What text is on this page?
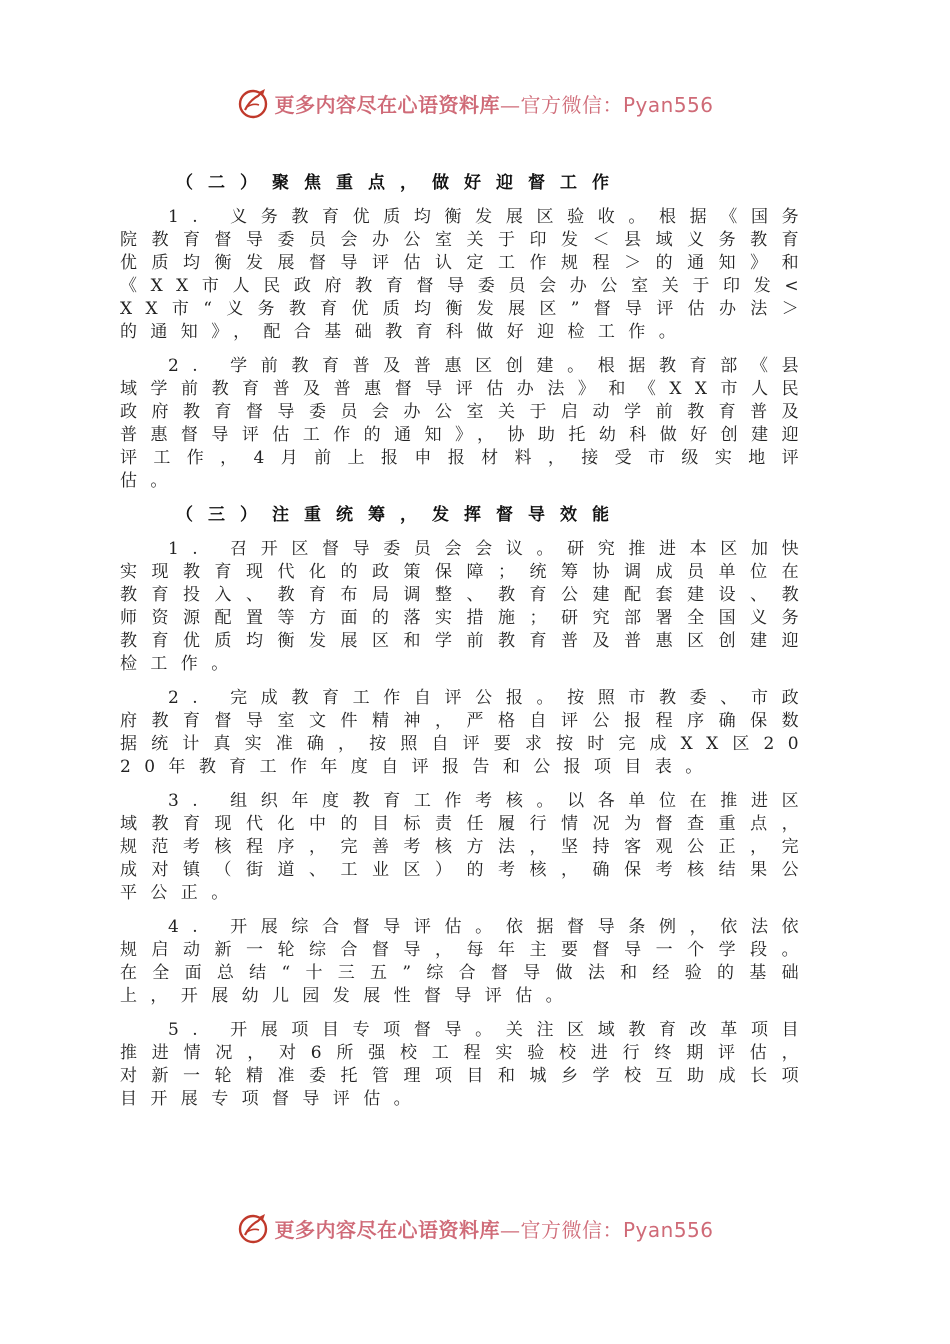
更多内容尽在心语资料库—官方微信：Pyan556
（二）聚焦重点，做好迎督工作

1. 义务教育优质均衡发展区验收。根据《国务院教育督导委员会办公室关于印发＜县域义务教育优质均衡发展督导评估认定工作规程＞的通知》和《XX市人民政府教育督导委员会办公室关于印发<XX市“义务教育优质均衡发展区”督导评估办法＞的通知》，配合基础教育科做好迎检工作。

2. 学前教育普及普惠区创建。根据教育部《县域学前教育普及普惠督导评估办法》和《XX市人民政府教育督导委员会办公室关于启动学前教育普及普惠督导评估工作的通知》，协助托幼科做好创建迎评工作，4月前上报申报材料，接受市级实地评估。

（三）注重统筹，发挥督导效能

1. 召开区督导委员会会议。研究推进本区加快实现教育现代化的政策保障；统筹协调成员单位在教育投入、教育布局调整、教育公建配套建设、教师资源配置等方面的落实措施；研究部署全国义务教育优质均衡发展区和学前教育普及普惠区创建迎检工作。

2. 完成教育工作自评公报。按照市教委、市政府教育督导室文件精神，严格自评公报程序确保数据统计真实准确，按照自评要求按时完成XX区2020年教育工作年度自评报告和公报项目表。

3. 组织年度教育工作考核。以各单位在推进区域教育现代化中的目标责任履行情况为督查重点，规范考核程序，完善考核方法，坚持客观公正，完成对镇（街道、工业区）的考核，确保考核结果公平公正。

4. 开展综合督导评估。依据督导条例，依法依规启动新一轮综合督导，每年主要督导一个学段。在全面总结“十三五”综合督导做法和经验的基础上，开展幼儿园发展性督导评估。

5. 开展项目专项督导。关注区域教育改革项目推进情况，对6所强校工程实验校进行终期评估，对新一轮精准委托管理项目和城乡学校互助成长项目开展专项督导评估。

更多内容尽在心语资料库—官方微信：Pyan556
